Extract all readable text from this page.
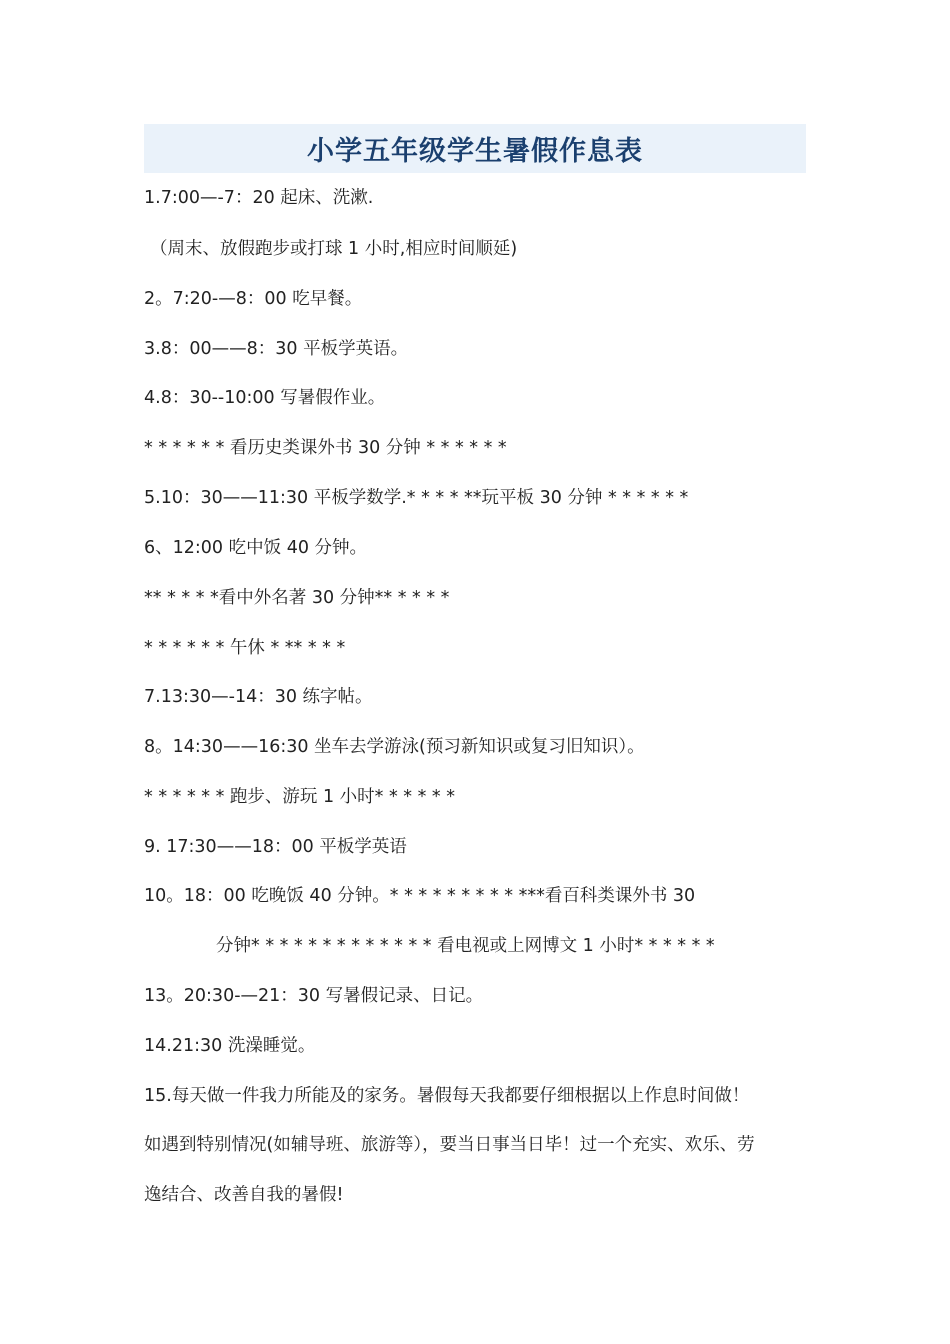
小学五年级学生暑假作息表
1.7:00—-7：20 起床、洗漱.
（周末、放假跑步或打球 1 小时,相应时间顺延)
2。7:20-—8：00 吃早餐。
3.8：00——8：30 平板学英语。
4.8：30--10:00 写暑假作业。
* * * * * * 看历史类课外书 30 分钟 * * * * * *
5.10：30——11:30 平板学数学.* * * * **玩平板 30 分钟 * * * * * *
6、12:00 吃中饭 40 分钟。
** * * * *看中外名著 30 分钟** * * * *
* * * * * * 午休 * ** * * *
7.13:30—-14：30 练字帖。
8。14:30——16:30 坐车去学游泳(预习新知识或复习旧知识）。
* * * * * * 跑步、游玩 1 小时* * * * * *
9. 17:30——18：00 平板学英语
10。18：00 吃晚饭 40 分钟。* * * * * * * * * ***看百科类课外书 30
分钟* * * * * * * * * * * * * 看电视或上网博文 1 小时* * * * * *
13。20:30-—21：30 写暑假记录、日记。
14.21:30 洗澡睡觉。
15.每天做一件我力所能及的家务。暑假每天我都要仔细根据以上作息时间做！
如遇到特别情况(如辅导班、旅游等），要当日事当日毕！过一个充实、欢乐、劳
逸结合、改善自我的暑假!
